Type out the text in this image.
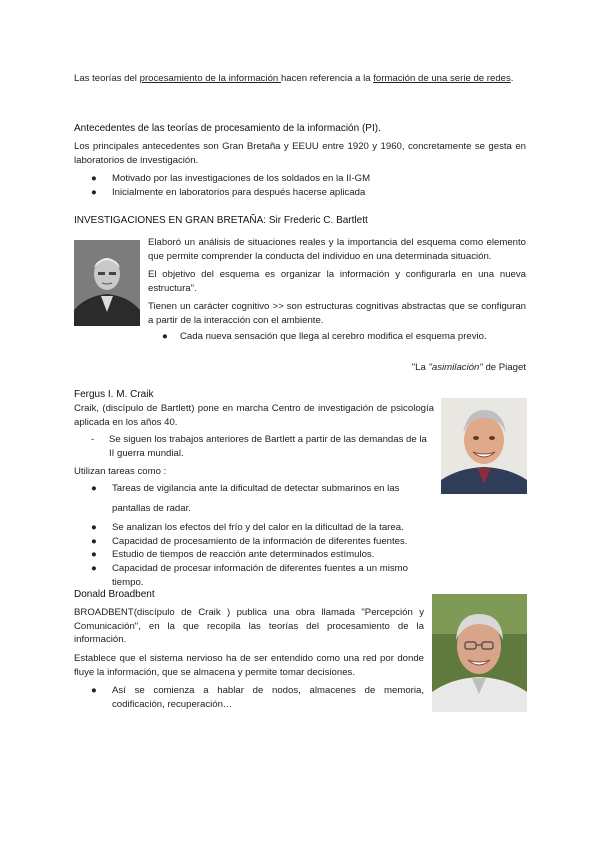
Las teorías del procesamiento de la información hacen referencia a la formación de una serie de redes.

Antecedentes de las teorías de procesamiento de la información (PI).

Los principales antecedentes son Gran Bretaña y EEUU entre 1920 y 1960, concretamente se gesta en laboratorios de investigación.

● Motivado por las investigaciones de los soldados en la II-GM
● Inicialmente en laboratorios para después hacerse aplicada

INVESTIGACIONES EN GRAN BRETAÑA: Sir Frederic C. Bartlett

Elaboró un análisis de situaciones reales y la importancia del esquema como elemento que permite comprender la conducta del individuo en una determinada situación.

El objetivo del esquema es organizar la información y configurarla en una nueva estructura".

Tienen un carácter cognitivo >> son estructuras cognitivas abstractas que se configuran a partir de la interacción con el ambiente.

● Cada nueva sensación que llega al cerebro modifica el esquema previo.

"La "asimilación" de Piaget

Fergus I. M. Craik

Craik, (discípulo de Bartlett) pone en marcha Centro de investigación de psicología aplicada en los años 40.

-	Se siguen los trabajos anteriores de Bartlett a partir de las demandas de la II guerra mundial.

Utilizan tareas como :

● Tareas de vigilancia ante la dificultad de detectar submarinos en las
pantallas de radar.
● Se analizan los efectos del frío y del calor en la dificultad de la tarea.
● Capacidad de procesamiento de la información de diferentes fuentes.
● Estudio de tiempos de reacción ante determinados estímulos.
● Capacidad de procesar información de diferentes fuentes a un mismo tiempo.

Donald Broadbent

BROADBENT(discípulo de Craik ) publica una obra llamada "Percepción y Comunicación", en la que recopila las teorías del procesamiento de la información.

Establece que el sistema nervioso ha de ser entendido como una red por donde fluye la información, que se almacena y permite tomar decisiones.

● Así se comienza a hablar de nodos, almacenes de memoria, codificación, recuperación…
